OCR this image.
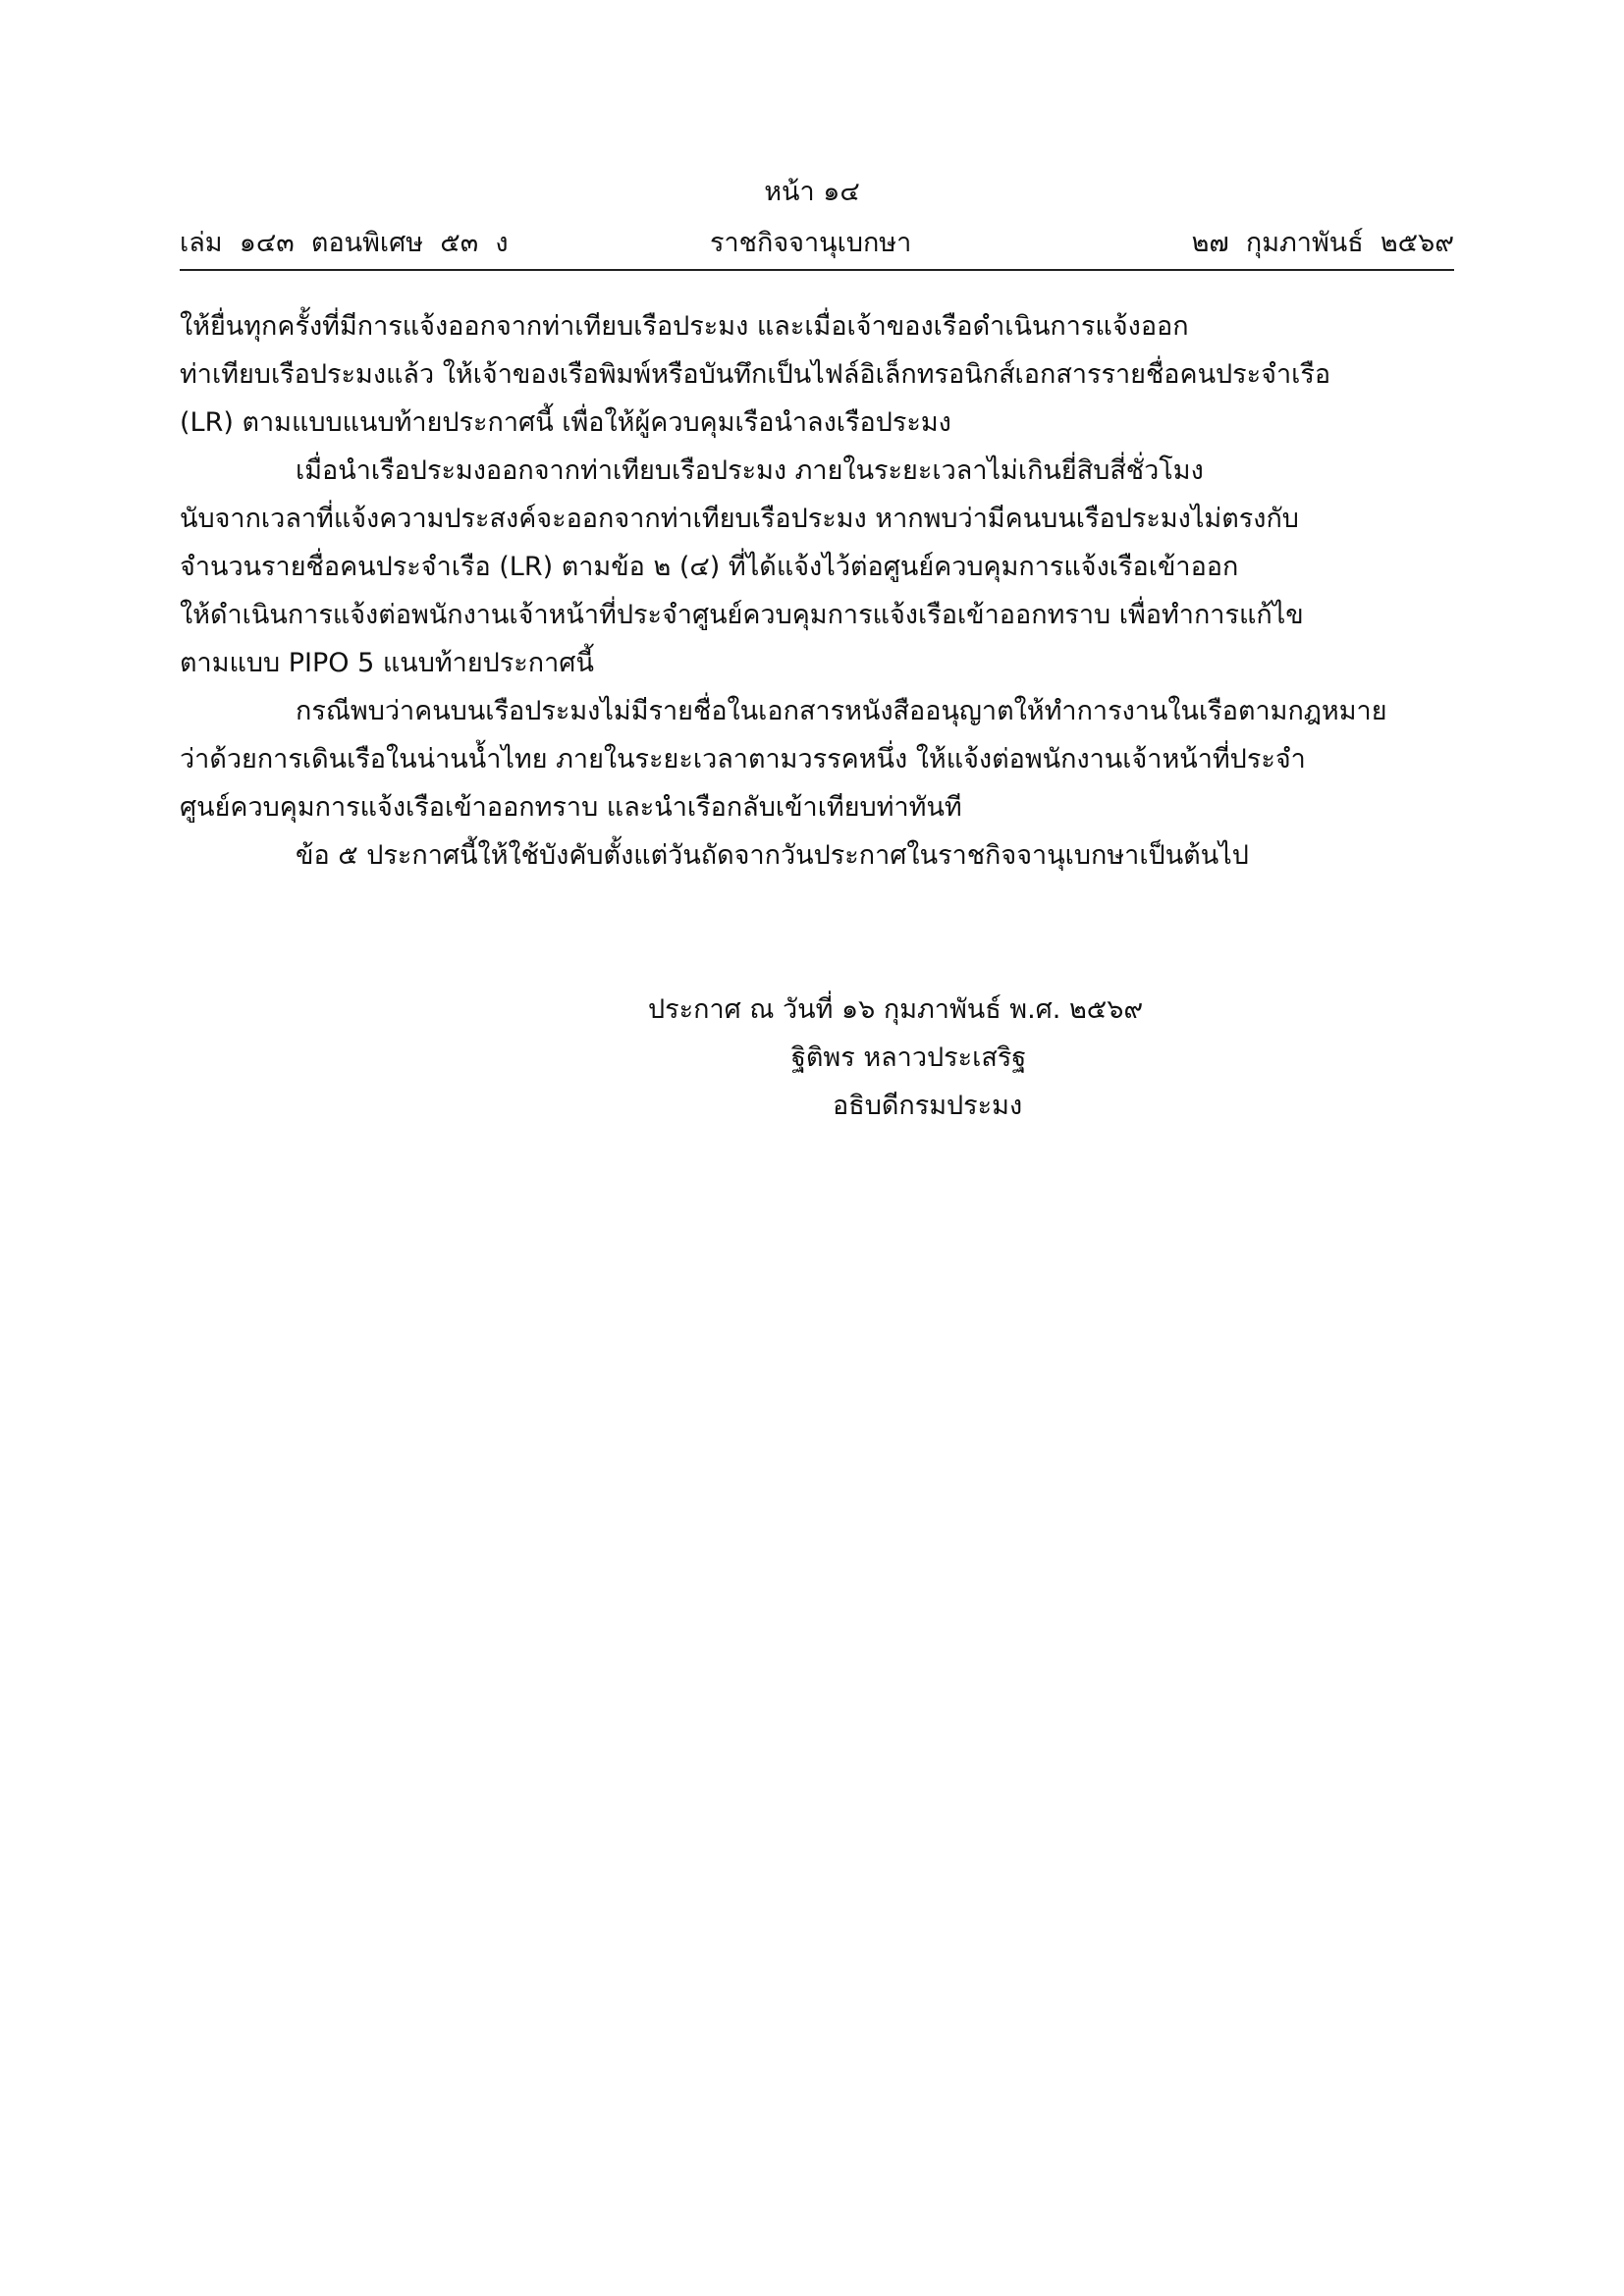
หน้า ๑๔
เล่ม  ๑๔๓  ตอนพิเศษ  ๕๓  ง	ราชกิจจานุเบกษา	๒๗  กุมภาพันธ์  ๒๕๖๙
ให้ยื่นทุกครั้งที่มีการแจ้งออกจากท่าเทียบเรือประมง และเมื่อเจ้าของเรือดำเนินการแจ้งออก
ท่าเทียบเรือประมงแล้ว ให้เจ้าของเรือพิมพ์หรือบันทึกเป็นไฟล์อิเล็กทรอนิกส์เอกสารรายชื่อคนประจำเรือ
(LR) ตามแบบแนบท้ายประกาศนี้ เพื่อให้ผู้ควบคุมเรือนำลงเรือประมง
เมื่อนำเรือประมงออกจากท่าเทียบเรือประมง ภายในระยะเวลาไม่เกินยี่สิบสี่ชั่วโมง
นับจากเวลาที่แจ้งความประสงค์จะออกจากท่าเทียบเรือประมง หากพบว่ามีคนบนเรือประมงไม่ตรงกับ
จำนวนรายชื่อคนประจำเรือ (LR) ตามข้อ ๒ (๔) ที่ได้แจ้งไว้ต่อศูนย์ควบคุมการแจ้งเรือเข้าออก
ให้ดำเนินการแจ้งต่อพนักงานเจ้าหน้าที่ประจำศูนย์ควบคุมการแจ้งเรือเข้าออกทราบ เพื่อทำการแก้ไข
ตามแบบ PIPO 5 แนบท้ายประกาศนี้
กรณีพบว่าคนบนเรือประมงไม่มีรายชื่อในเอกสารหนังสืออนุญาตให้ทำการงานในเรือตามกฎหมาย
ว่าด้วยการเดินเรือในน่านน้ำไทย ภายในระยะเวลาตามวรรคหนึ่ง ให้แจ้งต่อพนักงานเจ้าหน้าที่ประจำ
ศูนย์ควบคุมการแจ้งเรือเข้าออกทราบ และนำเรือกลับเข้าเทียบท่าทันที
ข้อ ๕ ประกาศนี้ให้ใช้บังคับตั้งแต่วันถัดจากวันประกาศในราชกิจจานุเบกษาเป็นต้นไป
ประกาศ ณ วันที่ ๑๖ กุมภาพันธ์ พ.ศ. ๒๕๖๙
ฐิติพร หลาวประเสริฐ
อธิบดีกรมประมง
